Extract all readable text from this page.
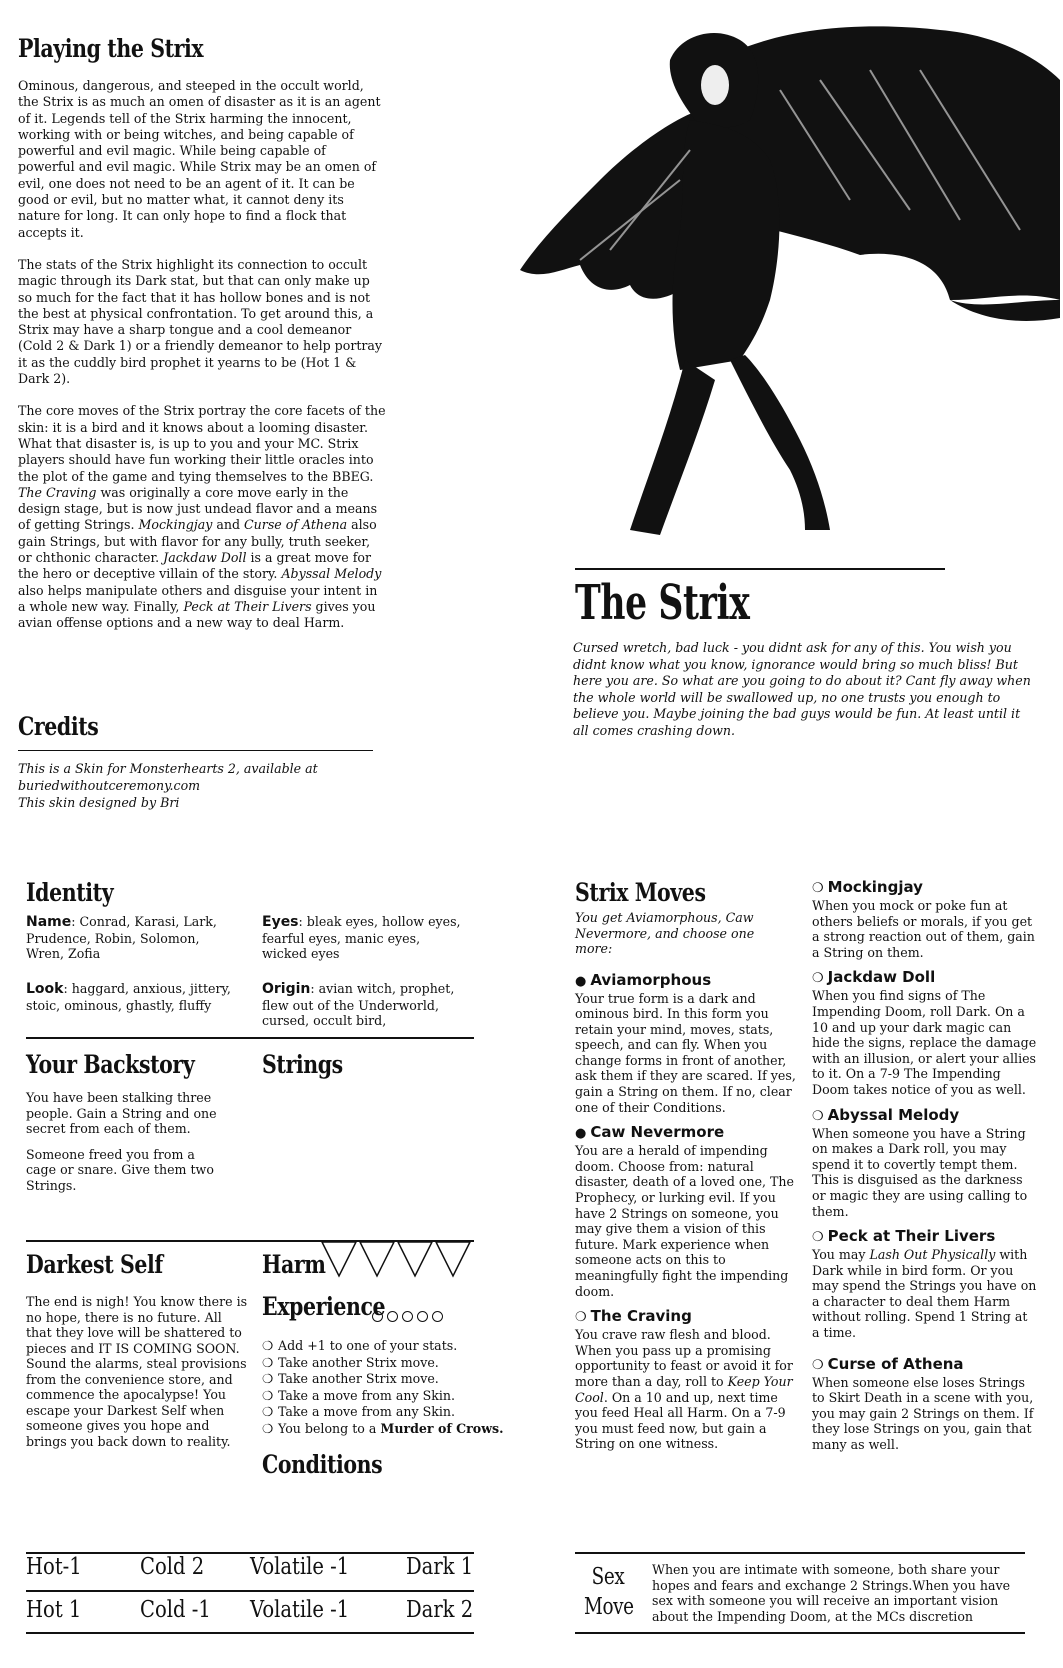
Playing the Strix

Ominous, dangerous, and steeped in the occult world, the Strix is as much an omen of disaster as it is an agent of it. Legends tell of the Strix harming the innocent, working with or being witches, and being capable of powerful and evil magic. While being capable of powerful and evil magic. While Strix may be an omen of evil, one does not need to be an agent of it. It can be good or evil, but no matter what, it cannot deny its nature for long. It can only hope to find a flock that accepts it.

The stats of the Strix highlight its connection to occult magic through its Dark stat, but that can only make up so much for the fact that it has hollow bones and is not the best at physical confrontation. To get around this, a Strix may have a sharp tongue and a cool demeanor (Cold 2 & Dark 1) or a friendly demeanor to help portray it as the cuddly bird prophet it yearns to be (Hot 1 & Dark 2).

The core moves of the Strix portray the core facets of the skin: it is a bird and it knows about a looming disaster. What that disaster is, is up to you and your MC. Strix players should have fun working their little oracles into the plot of the game and tying themselves to the BBEG.
The Craving was originally a core move early in the design stage, but is now just undead flavor and a means of getting Strings. Mockingjay and Curse of Athena also gain Strings, but with flavor for any bully, truth seeker, or chthonic character. Jackdaw Doll is a great move for the hero or deceptive villain of the story. Abyssal Melody also helps manipulate others and disguise your intent in a whole new way. Finally, Peck at Their Livers gives you avian offense options and a new way to deal Harm.

Credits
This is a Skin for Monsterhearts 2, available at buriedwithoutceremony.com
This skin designed by Bri
The Strix
Cursed wretch, bad luck - you didnt ask for any of this. You wish you didnt know what you know, ignorance would bring so much bliss! But here you are. So what are you going to do about it? Cant fly away when the whole world will be swallowed up, no one trusts you enough to believe you. Maybe joining the bad guys would be fun. At least until it all comes crashing down.
Identity
Name: Conrad, Karasi, Lark, Prudence, Robin, Solomon, Wren, Zofia
Eyes: bleak eyes, hollow eyes, fearful eyes, manic eyes, wicked eyes
Look: haggard, anxious, jittery, stoic, ominous, ghastly, fluffy
Origin: avian witch, prophet, flew out of the Underworld, cursed, occult bird,
Your Backstory

You have been stalking three people. Gain a String and one secret from each of them.

Someone freed you from a cage or snare. Give them two Strings.

Strings
Darkest Self
The end is nigh! You know there is no hope, there is no future. All that they love will be shattered to pieces and IT IS COMING SOON. Sound the alarms, steal provisions from the convenience store, and commence the apocalypse! You escape your Darkest Self when someone gives you hope and brings you back down to reality.
Harm
Experience
❍ Add +1 to one of your stats.
❍ Take another Strix move.
❍ Take another Strix move.
❍ Take a move from any Skin.
❍ Take a move from any Skin.
❍ You belong to a Murder of Crows.
Conditions
Hot-1	Cold 2 Volatile -1 Dark 1
Hot 1	Cold -1 Volatile -1 Dark 2
Strix Moves
You get Aviamorphous, Caw Nevermore, and choose one more:
● Aviamorphous

Your true form is a dark and ominous bird. In this form you retain your mind, moves, stats, speech, and can fly. When you change forms in front of another, ask them if they are scared. If yes, gain a String on them. If no, clear one of their Conditions.

● Caw Nevermore

You are a herald of impending doom. Choose from: natural disaster, death of a loved one, The Prophecy, or lurking evil. If you have 2 Strings on someone, you may give them a vision of this future. Mark experience when someone acts on this to meaningfully fight the impending doom.

❍ The Craving

You crave raw flesh and blood. When you pass up a promising opportunity to feast or avoid it for more than a day, roll to Keep Your Cool. On a 10 and up, next time you feed Heal all Harm. On a 7-9 you must feed now, but gain a String on one witness.

❍ Mockingjay

When you mock or poke fun at others beliefs or morals, if you get a strong reaction out of them, gain a String on them.

❍ Jackdaw Doll

When you find signs of The Impending Doom, roll Dark. On a 10 and up your dark magic can hide the signs, replace the damage with an illusion, or alert your allies to it. On a 7-9 The Impending Doom takes notice of you as well.

❍ Abyssal Melody

When someone you have a String on makes a Dark roll, you may spend it to covertly tempt them. This is disguised as the darkness or magic they are using calling to them.

❍ Peck at Their Livers

You may Lash Out Physically with Dark while in bird form. Or you may spend the Strings you have on a character to deal them Harm without rolling. Spend 1 String at a time.

❍ Curse of Athena

When someone else loses Strings to Skirt Death in a scene with you, you may gain 2 Strings on them. If they lose Strings on you, gain that many as well.

Sex
Move
When you are intimate with someone, both share your hopes and fears and exchange 2 Strings.When you have sex with someone you will receive an important vision about the Impending Doom, at the MCs discretion
